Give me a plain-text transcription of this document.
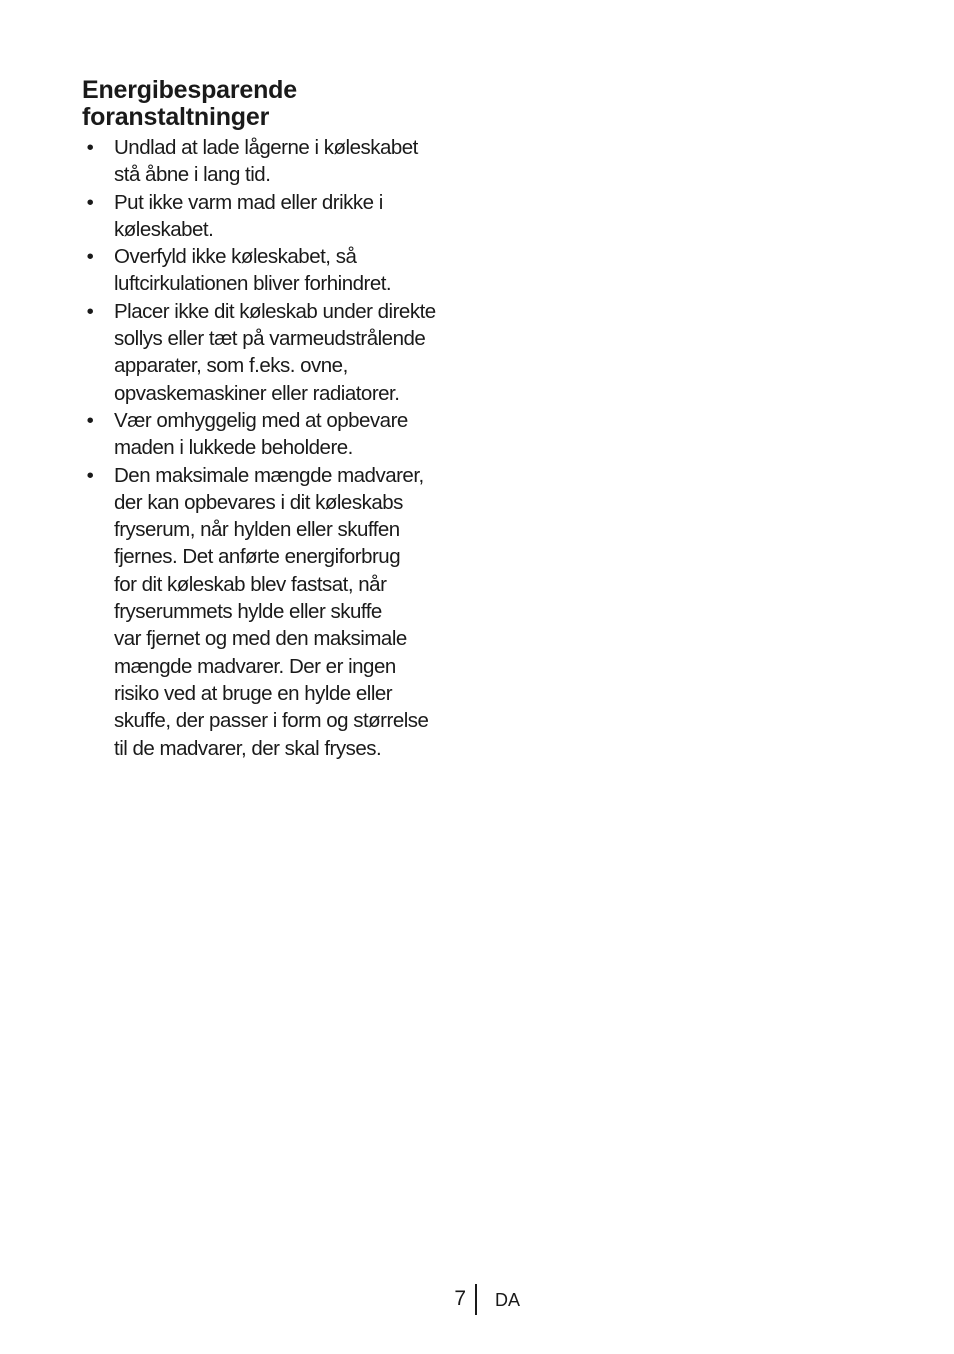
Energibesparende
foranstaltninger
• Undlad at lade lågerne i køleskabet
stå åbne i lang tid.
• Put ikke varm mad eller drikke i
køleskabet.
• Overfyld ikke køleskabet, så
luftcirkulationen bliver forhindret.
• Placer ikke dit køleskab under direkte
sollys eller tæt på varmeudstrålende
apparater, som f.eks. ovne,
opvaskemaskiner eller radiatorer.
• Vær omhyggelig med at opbevare
maden i lukkede beholdere.
• Den maksimale mængde madvarer,
der kan opbevares i dit køleskabs
fryserum, når hylden eller skuffen
fjernes. Det anførte energiforbrug
for dit køleskab blev fastsat, når
fryserummets hylde eller skuffe
var fjernet og med den maksimale
mængde madvarer. Der er ingen
risiko ved at bruge en hylde eller
skuffe, der passer i form og størrelse
til de madvarer, der skal fryses.
7 DA
